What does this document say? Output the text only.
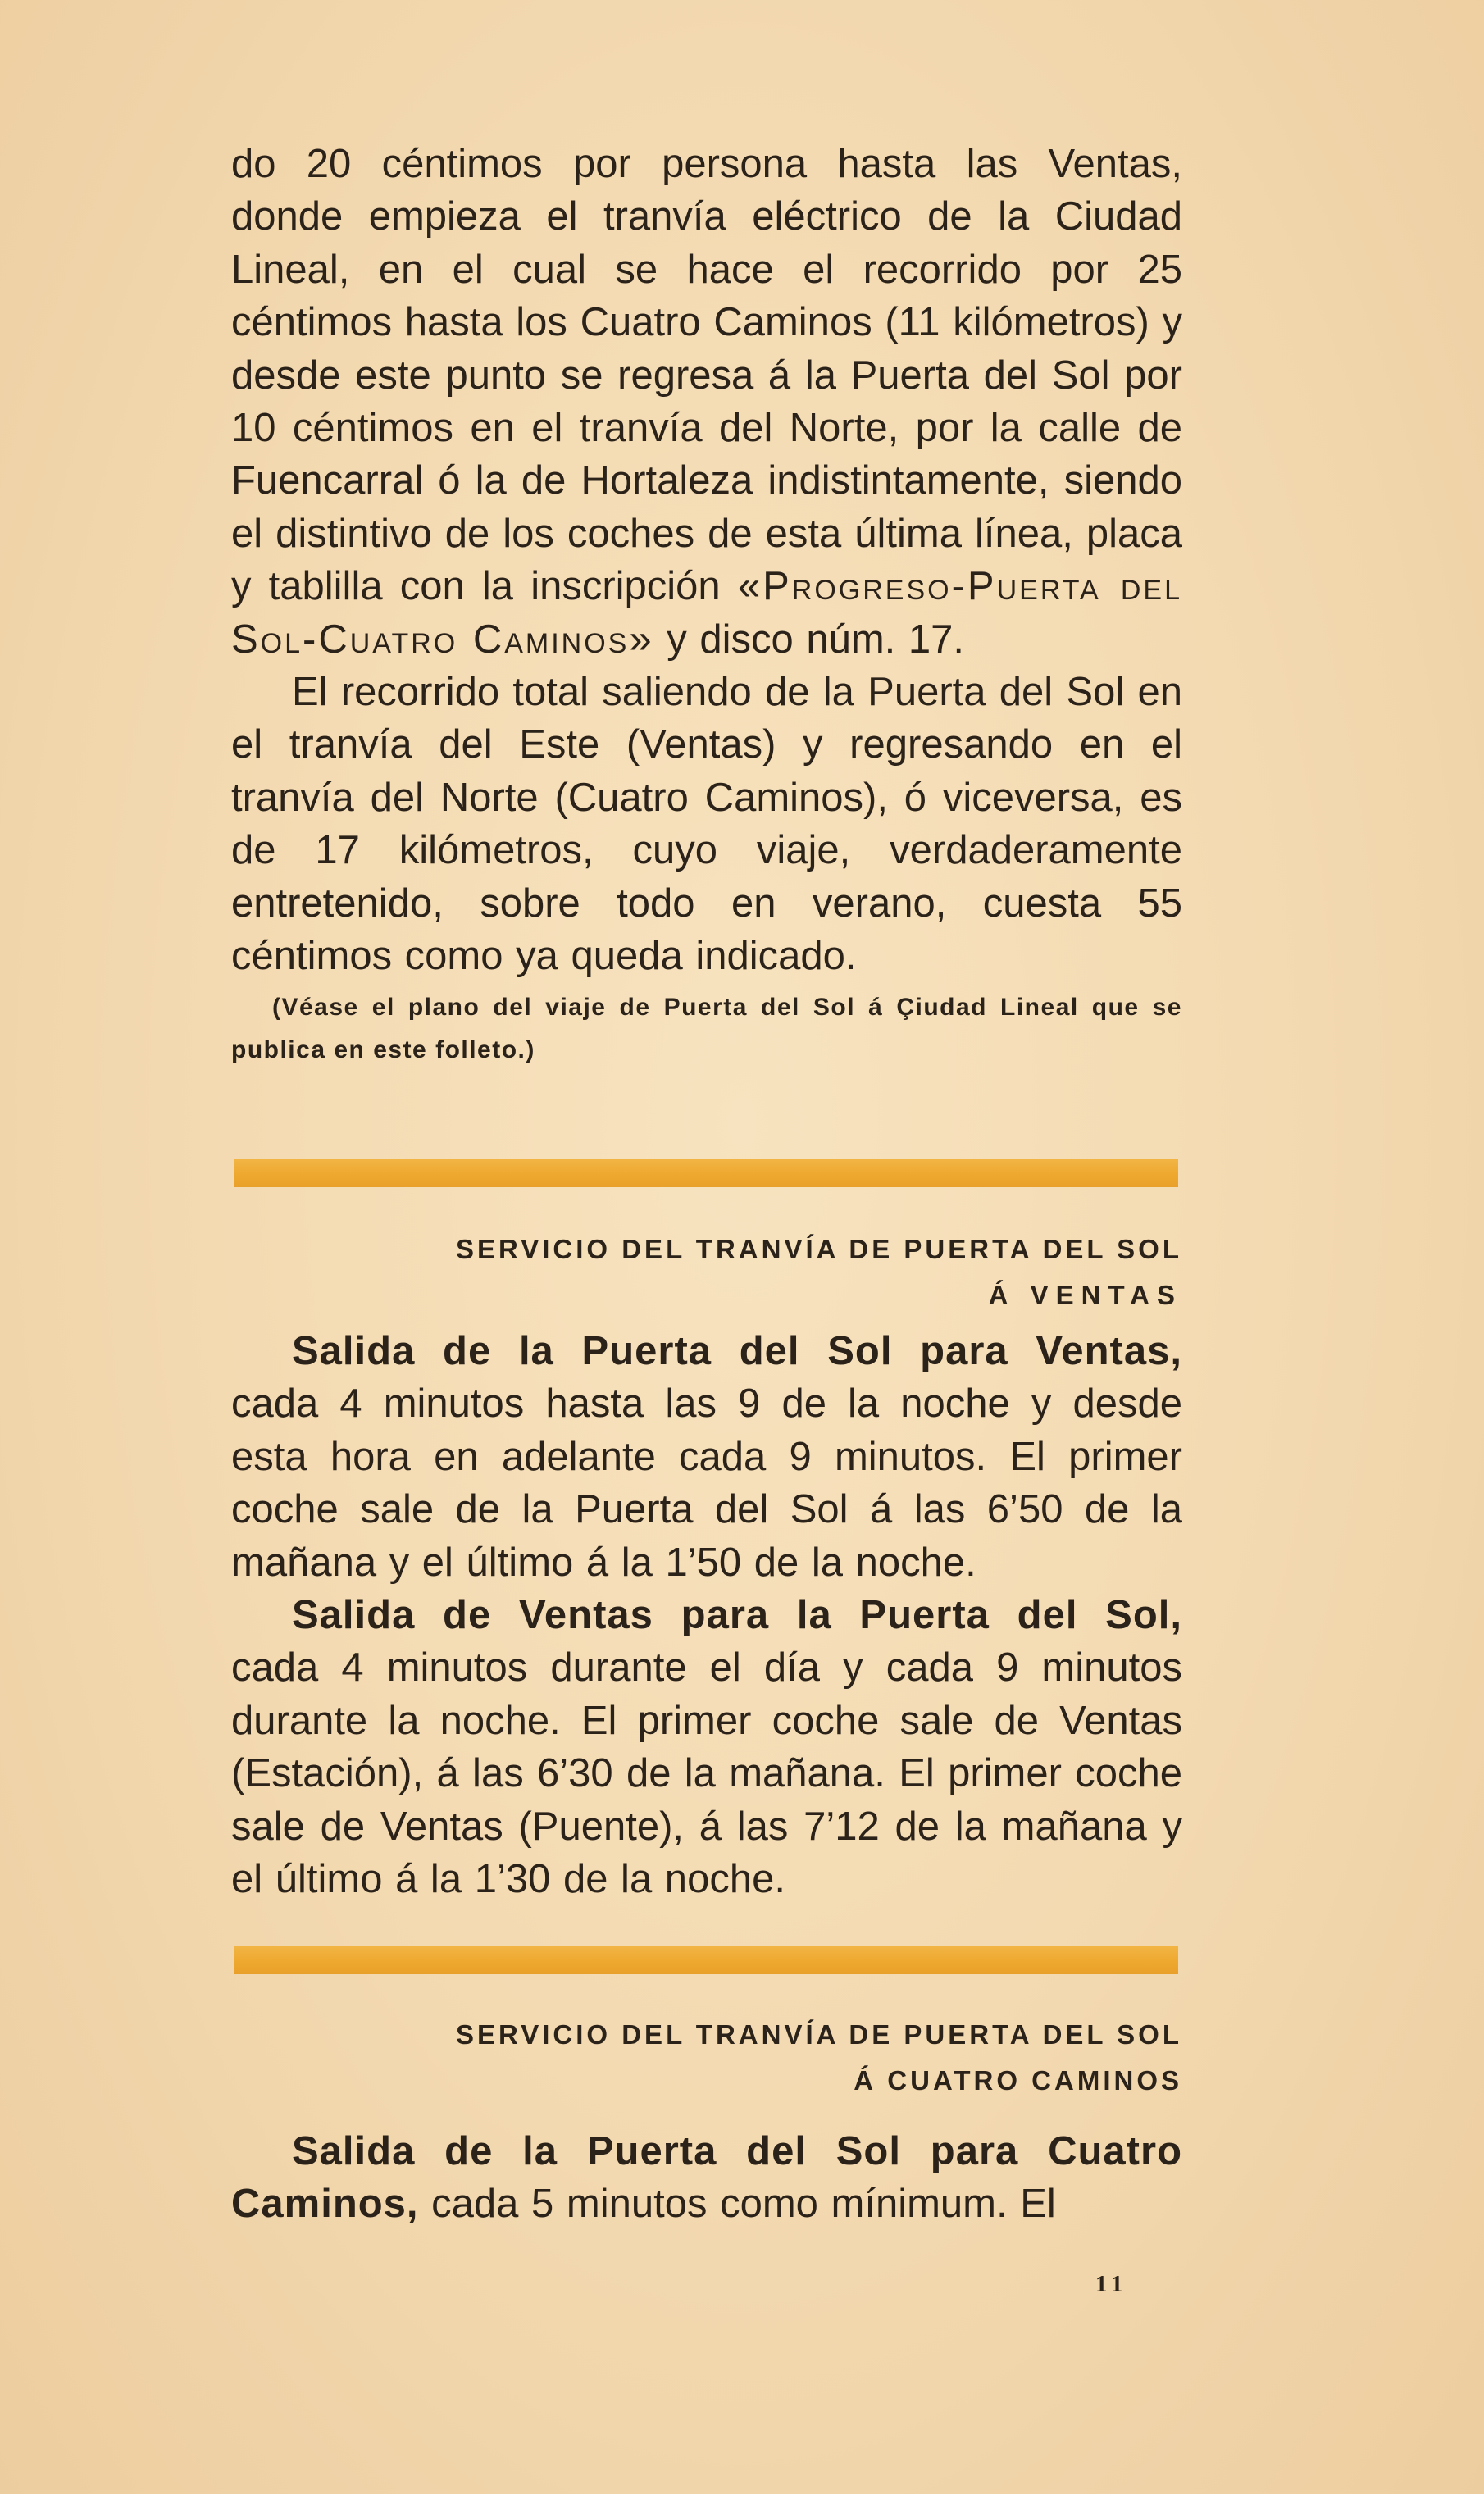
do 20 céntimos por persona hasta las Ventas, donde empieza el tranvía eléctrico de la Ciudad Lineal, en el cual se hace el recorrido por 25 céntimos hasta los Cuatro Caminos (11 kilómetros) y desde este punto se regresa á la Puerta del Sol por 10 céntimos en el tranvía del Norte, por la calle de Fuencarral ó la de Hortaleza indistintamente, siendo el distintivo de los coches de esta última línea, placa y tablilla con la inscripción «Progreso-Puerta del Sol-Cuatro Caminos» y disco núm. 17.

El recorrido total saliendo de la Puerta del Sol en el tranvía del Este (Ventas) y regresando en el tranvía del Norte (Cuatro Caminos), ó viceversa, es de 17 kilómetros, cuyo viaje, verdaderamente entretenido, sobre todo en verano, cuesta 55 céntimos como ya queda indicado.

(Véase el plano del viaje de Puerta del Sol á Çiudad Lineal que se publica en este folleto.)

SERVICIO DEL TRANVÍA DE PUERTA DEL SOL
Á VENTAS

Salida de la Puerta del Sol para Ventas, cada 4 minutos hasta las 9 de la noche y desde esta hora en adelante cada 9 minutos. El primer coche sale de la Puerta del Sol á las 6’50 de la mañana y el último á la 1’50 de la noche.

Salida de Ventas para la Puerta del Sol, cada 4 minutos durante el día y cada 9 minutos durante la noche. El primer coche sale de Ventas (Estación), á las 6’30 de la mañana. El primer coche sale de Ventas (Puente), á las 7’12 de la mañana y el último á la 1’30 de la noche.

SERVICIO DEL TRANVÍA DE PUERTA DEL SOL
Á CUATRO CAMINOS

Salida de la Puerta del Sol para Cuatro Caminos, cada 5 minutos como mínimum. El

11
